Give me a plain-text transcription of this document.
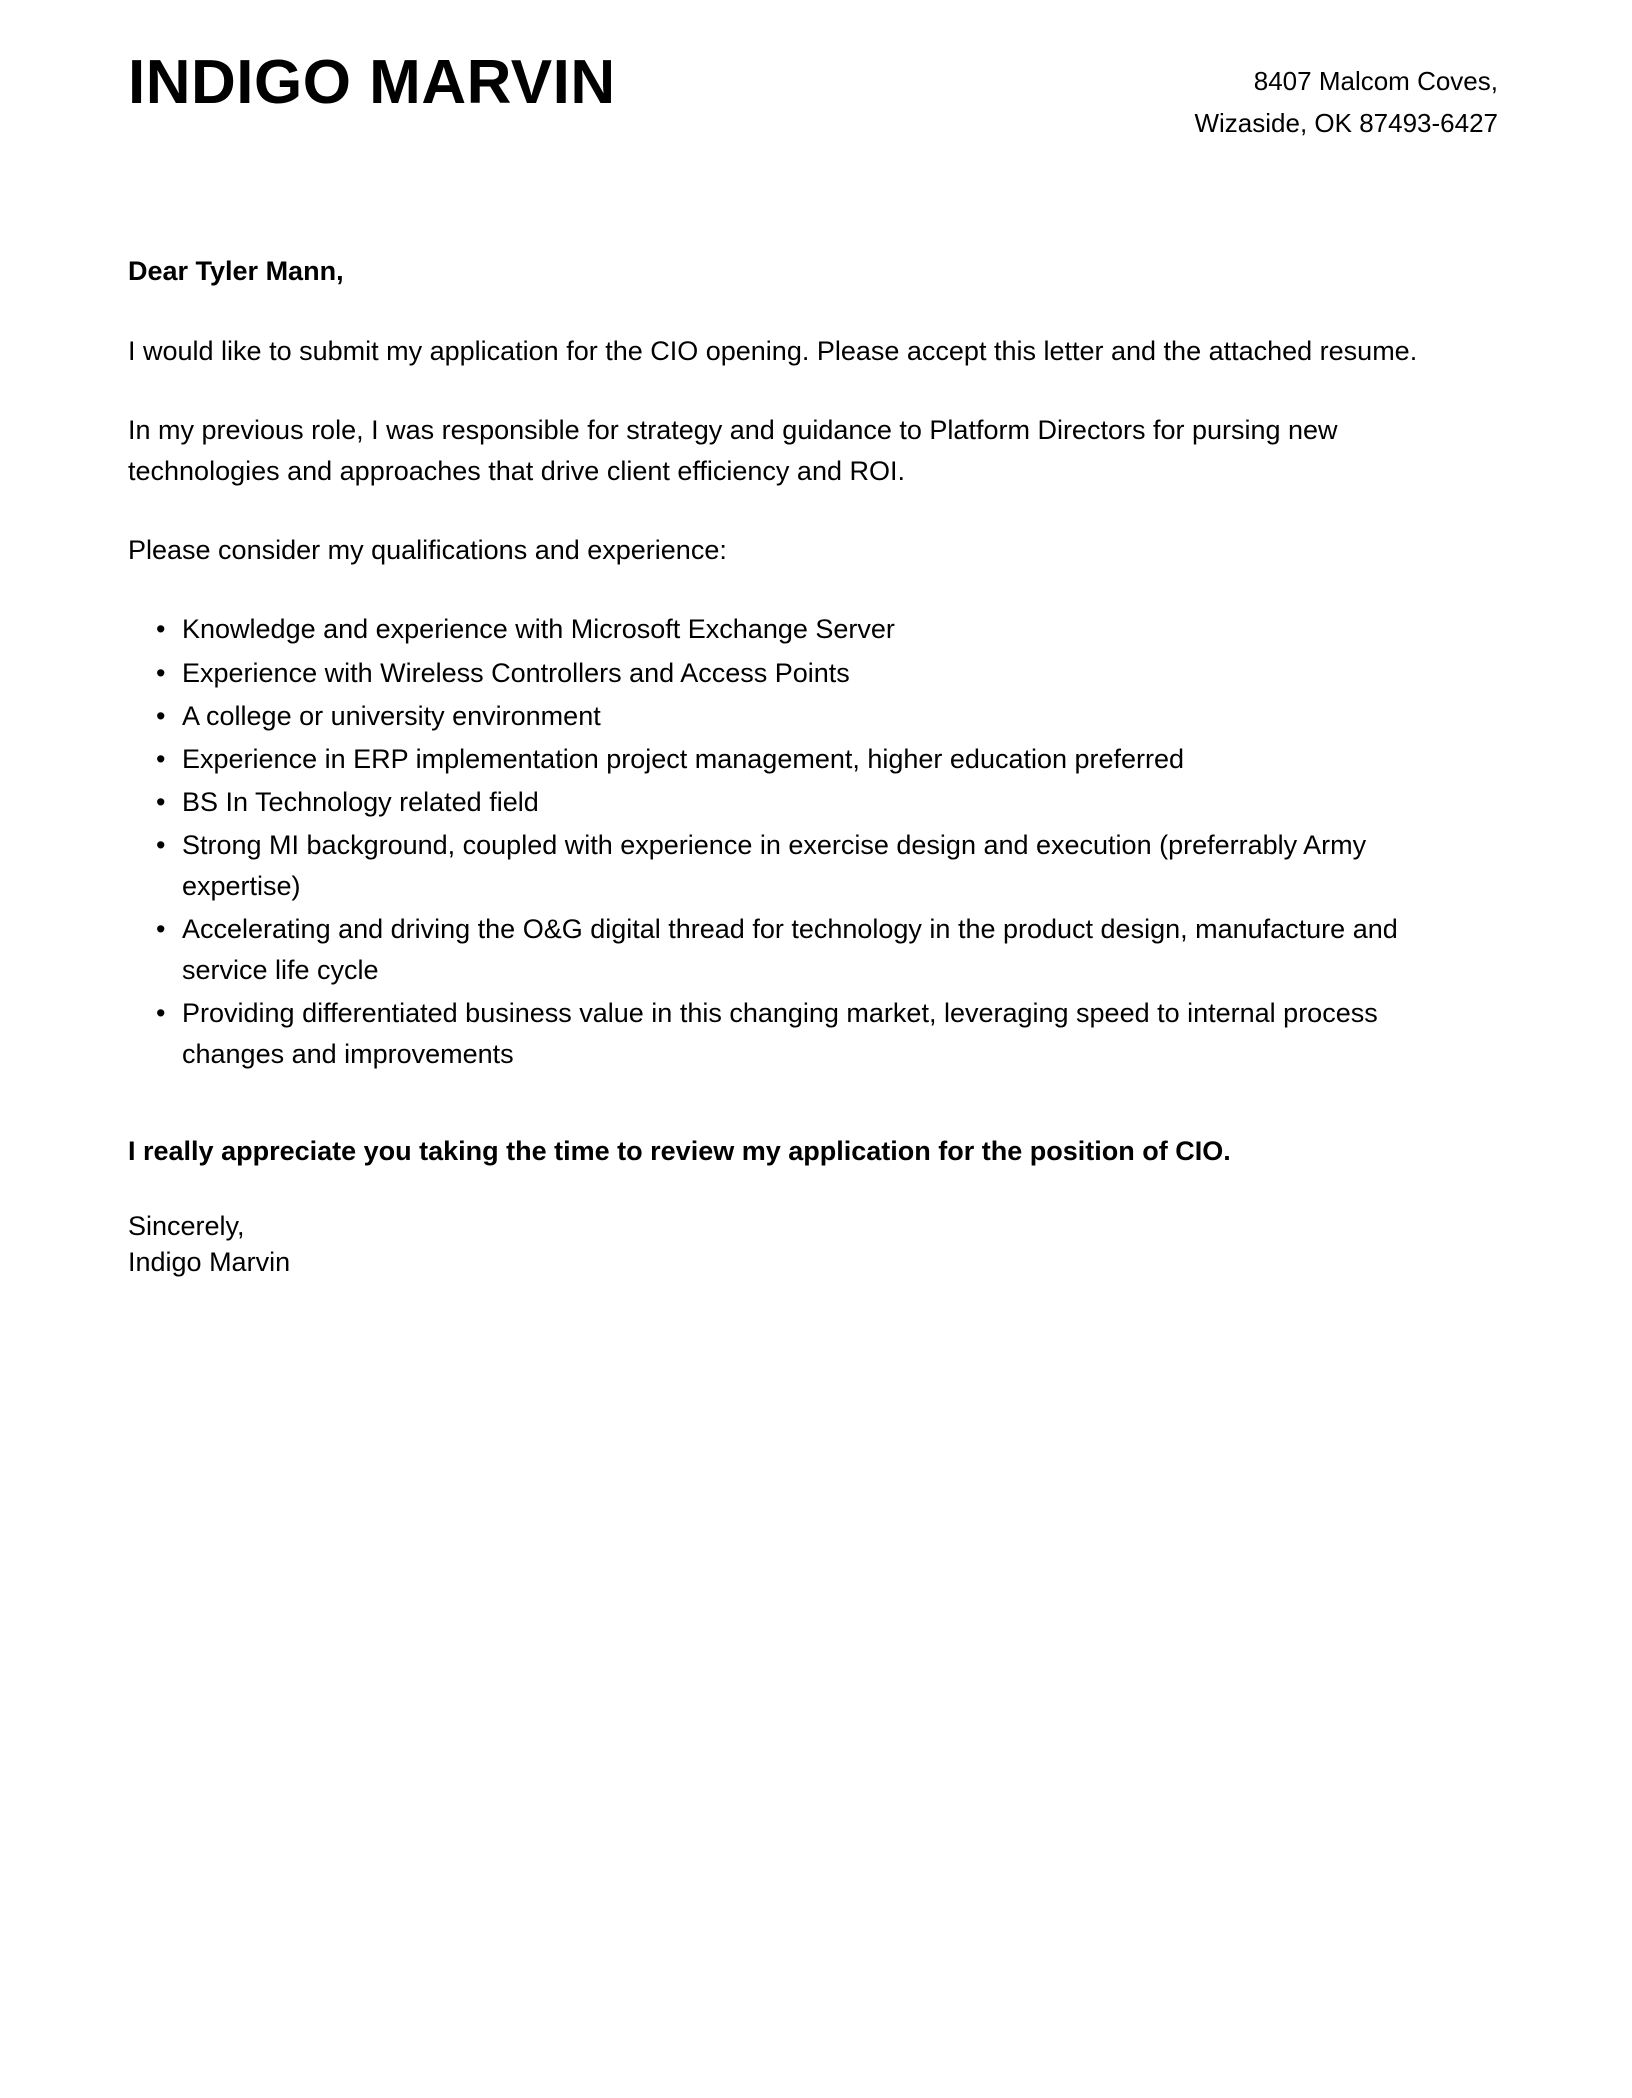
INDIGO MARVIN	8407 Malcom Coves,
Wizaside, OK 87493-6427

Dear Tyler Mann,

I would like to submit my application for the CIO opening. Please accept this letter and the attached resume.

In my previous role, I was responsible for strategy and guidance to Platform Directors for pursing new technologies and approaches that drive client efficiency and ROI.

Please consider my qualifications and experience:

• Knowledge and experience with Microsoft Exchange Server
• Experience with Wireless Controllers and Access Points
• A college or university environment
• Experience in ERP implementation project management, higher education preferred
• BS In Technology related field
• Strong MI background, coupled with experience in exercise design and execution (preferrably Army expertise)
• Accelerating and driving the O&G digital thread for technology in the product design, manufacture and service life cycle
• Providing differentiated business value in this changing market, leveraging speed to internal process changes and improvements

I really appreciate you taking the time to review my application for the position of CIO.

Sincerely,
Indigo Marvin
